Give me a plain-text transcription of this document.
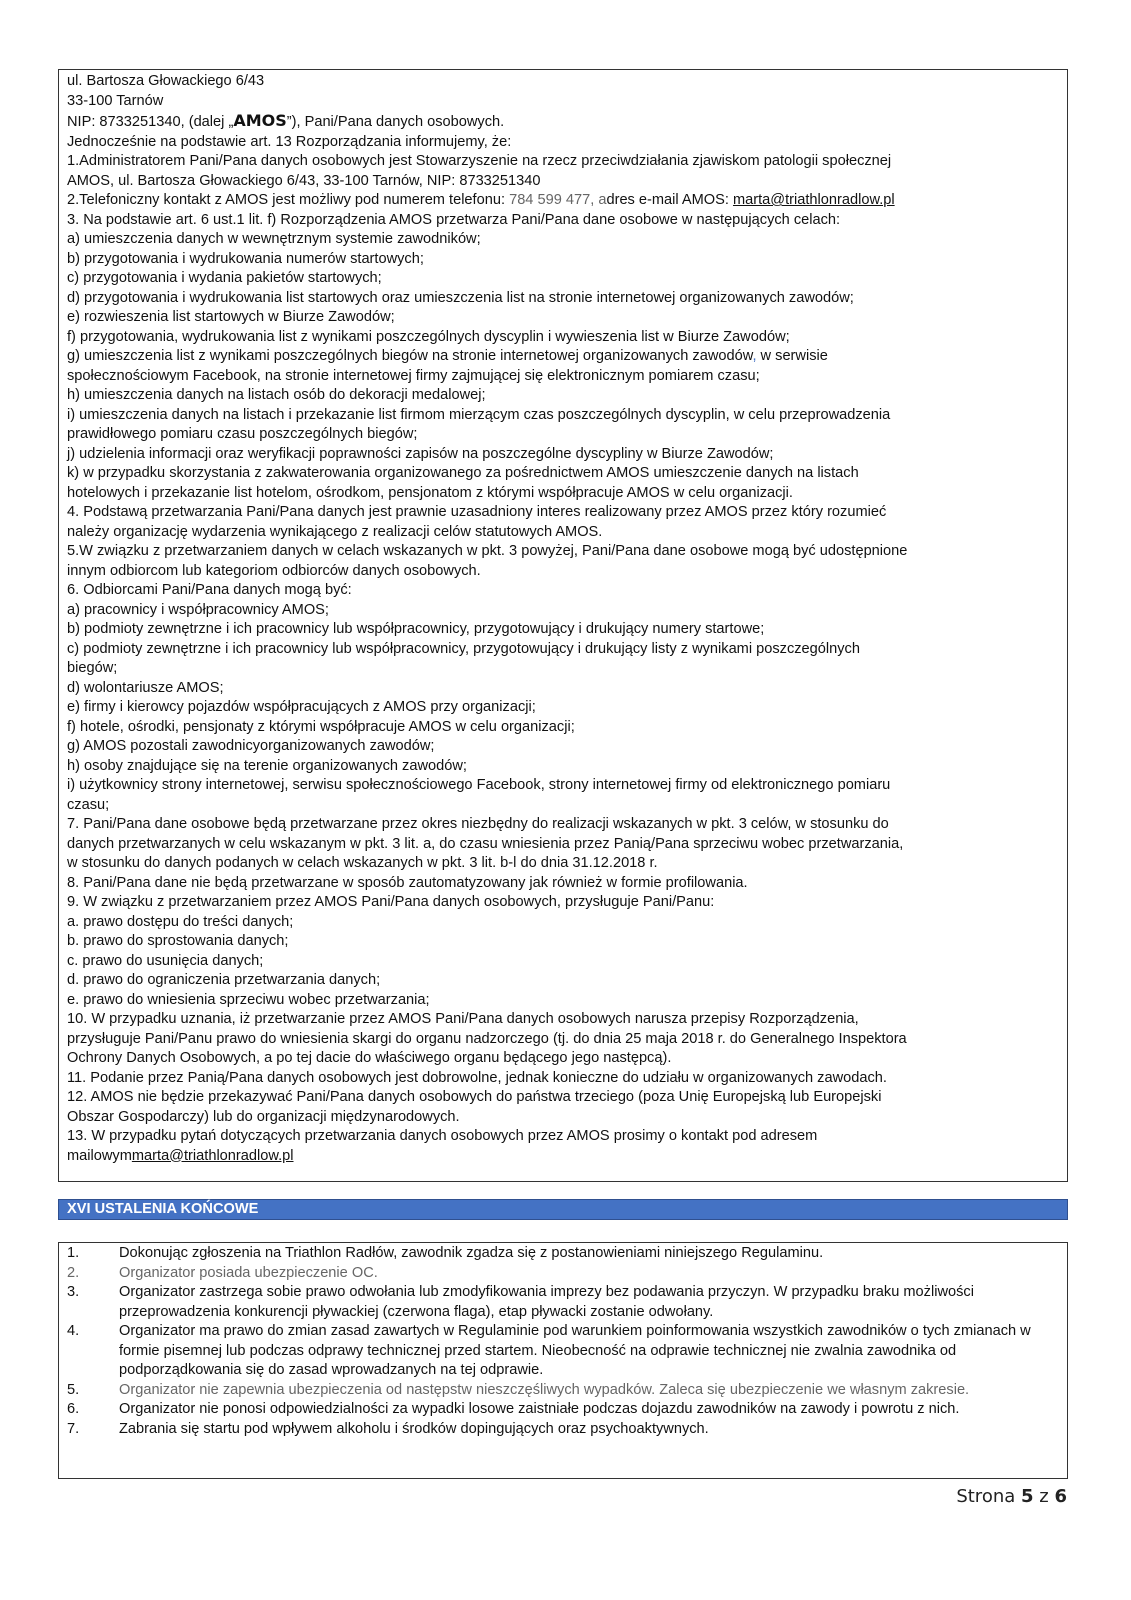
ul. Bartosza Głowackiego 6/43
33-100 Tarnów
NIP: 8733251340, (dalej „AMOS”), Pani/Pana danych osobowych.
Jednocześnie na podstawie art. 13 Rozporządzania informujemy, że:
1.Administratorem Pani/Pana danych osobowych jest Stowarzyszenie na rzecz przeciwdziałania zjawiskom patologii społecznej
AMOS, ul. Bartosza Głowackiego 6/43, 33-100 Tarnów, NIP: 8733251340
2.Telefoniczny kontakt z AMOS jest możliwy pod numerem telefonu: 784 599 477, adres e-mail AMOS: marta@triathlonradlow.pl
3. Na podstawie art. 6 ust.1 lit. f) Rozporządzenia AMOS przetwarza Pani/Pana dane osobowe w następujących celach:
a) umieszczenia danych w wewnętrznym systemie zawodników;
b) przygotowania i wydrukowania numerów startowych;
c) przygotowania i wydania pakietów startowych;
d) przygotowania i wydrukowania list startowych oraz umieszczenia list na stronie internetowej organizowanych zawodów;
e) rozwieszenia list startowych w Biurze Zawodów;
f) przygotowania, wydrukowania list z wynikami poszczególnych dyscyplin i wywieszenia list w Biurze Zawodów;
g) umieszczenia list z wynikami poszczególnych biegów na stronie internetowej organizowanych zawodów, w serwisie
społecznościowym Facebook, na stronie internetowej firmy zajmującej się elektronicznym pomiarem czasu;
h) umieszczenia danych na listach osób do dekoracji medalowej;
i) umieszczenia danych na listach i przekazanie list firmom mierzącym czas poszczególnych dyscyplin, w celu przeprowadzenia
prawidłowego pomiaru czasu poszczególnych biegów;
j) udzielenia informacji oraz weryfikacji poprawności zapisów na poszczególne dyscypliny w Biurze Zawodów;
k) w przypadku skorzystania z zakwaterowania organizowanego za pośrednictwem AMOS umieszczenie danych na listach
hotelowych i przekazanie list hotelom, ośrodkom, pensjonatom z którymi współpracuje AMOS w celu organizacji.
4. Podstawą przetwarzania Pani/Pana danych jest prawnie uzasadniony interes realizowany przez AMOS przez który rozumieć
należy organizację wydarzenia wynikającego z realizacji celów statutowych AMOS.
5.W związku z przetwarzaniem danych w celach wskazanych w pkt. 3 powyżej, Pani/Pana dane osobowe mogą być udostępnione
innym odbiorcom lub kategoriom odbiorców danych osobowych.
6. Odbiorcami Pani/Pana danych mogą być:
a) pracownicy i współpracownicy AMOS;
b) podmioty zewnętrzne i ich pracownicy lub współpracownicy, przygotowujący i drukujący numery startowe;
c) podmioty zewnętrzne i ich pracownicy lub współpracownicy, przygotowujący i drukujący listy z wynikami poszczególnych
biegów;
d) wolontariusze AMOS;
e) firmy i kierowcy pojazdów współpracujących z AMOS przy organizacji;
f) hotele, ośrodki, pensjonaty z którymi współpracuje AMOS w celu organizacji;
g) AMOS pozostali zawodnicyorganizowanych zawodów;
h) osoby znajdujące się na terenie organizowanych zawodów;
i) użytkownicy strony internetowej, serwisu społecznościowego Facebook, strony internetowej firmy od elektronicznego pomiaru
czasu;
7. Pani/Pana dane osobowe będą przetwarzane przez okres niezbędny do realizacji wskazanych w pkt. 3 celów, w stosunku do
danych przetwarzanych w celu wskazanym w pkt. 3 lit. a, do czasu wniesienia przez Panią/Pana sprzeciwu wobec przetwarzania,
w stosunku do danych podanych w celach wskazanych w pkt. 3 lit. b-l do dnia 31.12.2018 r.
8. Pani/Pana dane nie będą przetwarzane w sposób zautomatyzowany jak również w formie profilowania.
9. W związku z przetwarzaniem przez AMOS Pani/Pana danych osobowych, przysługuje Pani/Panu:
a. prawo dostępu do treści danych;
b. prawo do sprostowania danych;
c. prawo do usunięcia danych;
d. prawo do ograniczenia przetwarzania danych;
e. prawo do wniesienia sprzeciwu wobec przetwarzania;
10. W przypadku uznania, iż przetwarzanie przez AMOS Pani/Pana danych osobowych narusza przepisy Rozporządzenia,
przysługuje Pani/Panu prawo do wniesienia skargi do organu nadzorczego (tj. do dnia 25 maja 2018 r. do Generalnego Inspektora
Ochrony Danych Osobowych, a po tej dacie do właściwego organu będącego jego następcą).
11. Podanie przez Panią/Pana danych osobowych jest dobrowolne, jednak konieczne do udziału w organizowanych zawodach.
12. AMOS nie będzie przekazywać Pani/Pana danych osobowych do państwa trzeciego (poza Unię Europejską lub Europejski
Obszar Gospodarczy) lub do organizacji międzynarodowych.
13. W przypadku pytań dotyczących przetwarzania danych osobowych przez AMOS prosimy o kontakt pod adresem
mailowymmarta@triathlonradlow.pl
XVI USTALENIA KOŃCOWE
1.	Dokonując zgłoszenia na Triathlon Radłów, zawodnik zgadza się z postanowieniami niniejszego Regulaminu.
2.	Organizator posiada ubezpieczenie OC.
3.	Organizator zastrzega sobie prawo odwołania lub zmodyfikowania imprezy bez podawania przyczyn. W przypadku braku możliwości przeprowadzenia konkurencji pływackiej (czerwona flaga), etap pływacki zostanie odwołany.
4.	Organizator ma prawo do zmian zasad zawartych w Regulaminie pod warunkiem poinformowania wszystkich zawodników o tych zmianach w formie pisemnej lub podczas odprawy technicznej przed startem. Nieobecność na odprawie technicznej nie zwalnia zawodnika od podporządkowania się do zasad wprowadzanych na tej odprawie.
5.	Organizator nie zapewnia ubezpieczenia od następstw nieszczęśliwych wypadków. Zaleca się ubezpieczenie we własnym zakresie.
6.	Organizator nie ponosi odpowiedzialności za wypadki losowe zaistniałe podczas dojazdu zawodników na zawody i powrotu z nich.
7.	Zabrania się startu pod wpływem alkoholu i środków dopingujących oraz psychoaktywnych.
Strona 5 z 6
